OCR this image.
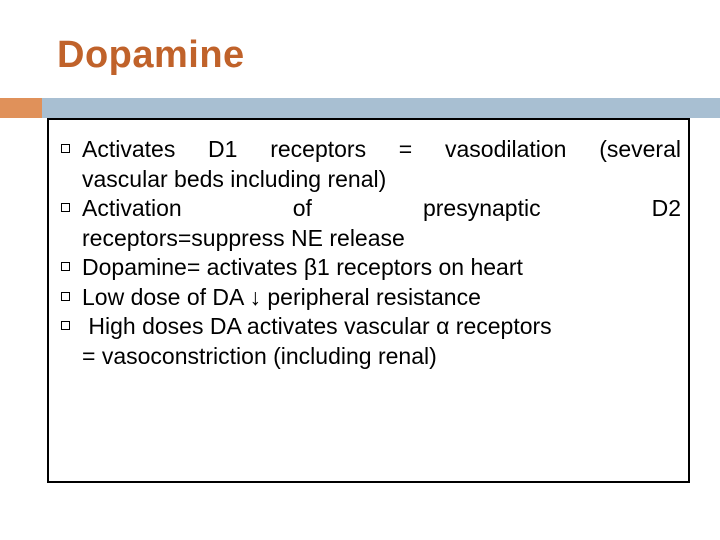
Dopamine
Activates D1 receptors = vasodilation (several
vascular beds including renal)
Activation of presynaptic D2
receptors=suppress NE release
Dopamine= activates β1 receptors on heart
Low dose of DA ↓ peripheral resistance
High doses DA activates vascular α receptors
= vasoconstriction (including renal)
